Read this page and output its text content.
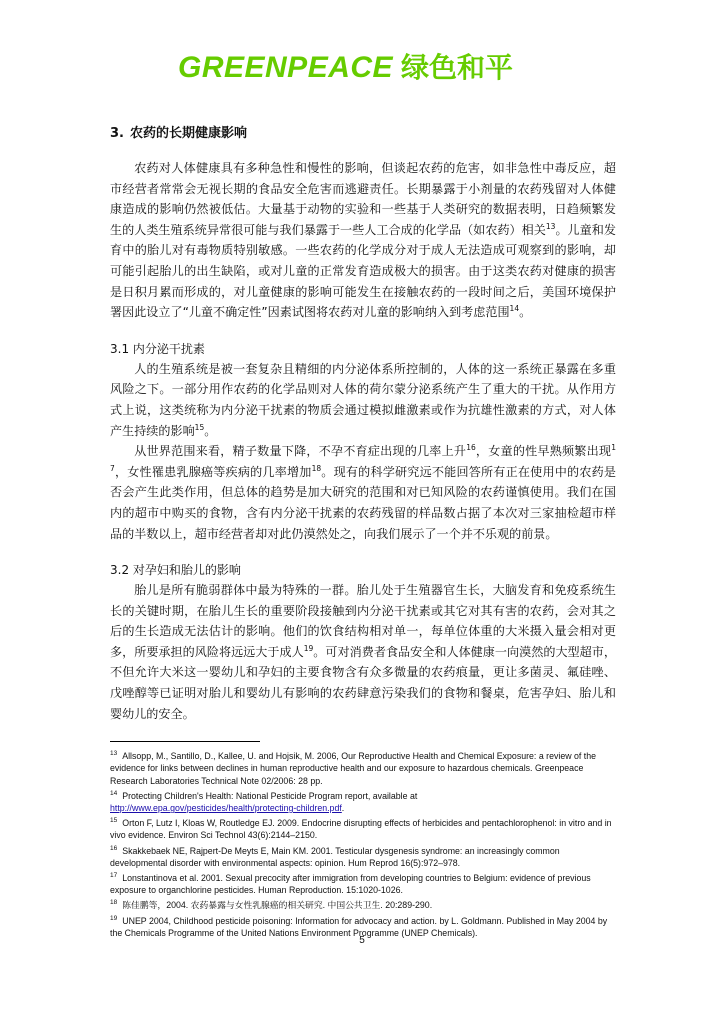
GREENPEACE 绿色和平
3. 农药的长期健康影响

农药对人体健康具有多种急性和慢性的影响，但谈起农药的危害，如非急性中毒反应，超市经营者常常会无视长期的食品安全危害而逃避责任。长期暴露于小剂量的农药残留对人体健康造成的影响仍然被低估。大量基于动物的实验和一些基于人类研究的数据表明，日趋频繁发生的人类生殖系统异常很可能与我们暴露于一些人工合成的化学品（如农药）相关$^{13}$。儿童和发育中的胎儿对有毒物质特别敏感。一些农药的化学成分对于成人无法造成可观察到的影响，却可能引起胎儿的出生缺陷，或对儿童的正常发育造成极大的损害。由于这类农药对健康的损害是日积月累而形成的，对儿童健康的影响可能发生在接触农药的一段时间之后，美国环境保护署因此设立了“儿童不确定性”因素试图将农药对儿童的影响纳入到考虑范围$^{14}$。

3.1 内分泌干扰素

人的生殖系统是被一套复杂且精细的内分泌体系所控制的，人体的这一系统正暴露在多重风险之下。一部分用作农药的化学品则对人体的荷尔蒙分泌系统产生了重大的干扰。从作用方式上说，这类统称为内分泌干扰素的物质会通过模拟雌激素或作为抗雄性激素的方式，对人体产生持续的影响$^{15}$。

从世界范围来看，精子数量下降，不孕不育症出现的几率上升$^{16}$，女童的性早熟频繁出现$^{17}$，女性罹患乳腺癌等疾病的几率增加$^{18}$。现有的科学研究远不能回答所有正在使用中的农药是否会产生此类作用，但总体的趋势是加大研究的范围和对已知风险的农药谨慎使用。我们在国内的超市中购买的食物，含有内分泌干扰素的农药残留的样品数占据了本次对三家抽检超市样品的半数以上，超市经营者却对此仍漠然处之，向我们展示了一个并不乐观的前景。

3.2 对孕妇和胎儿的影响

胎儿是所有脆弱群体中最为特殊的一群。胎儿处于生殖器官生长，大脑发育和免疫系统生长的关键时期，在胎儿生长的重要阶段接触到内分泌干扰素或其它对其有害的农药，会对其之后的生长造成无法估计的影响。他们的饮食结构相对单一，每单位体重的大米摄入量会相对更多，所要承担的风险将远远大于成人$^{19}$。可对消费者食品安全和人体健康一向漠然的大型超市，不但允许大米这一婴幼儿和孕妇的主要食物含有众多微量的农药痕量，更让多菌灵、氟硅唑、戊唑醇等已证明对胎儿和婴幼儿有影响的农药肆意污染我们的食物和餐桌，危害孕妇、胎儿和婴幼儿的安全。

$^{13}$ Allsopp, M., Santillo, D., Kallee, U. and Hojsik, M. 2006, Our Reproductive Health and Chemical Exposure: a review of the evidence for links between declines in human reproductive health and our exposure to hazardous chemicals. Greenpeace Research Laboratories Technical Note 02/2006: 28 pp.

$^{14}$ Protecting Children's Health: National Pesticide Program report, available at
http://www.epa.gov/pesticides/health/protecting-children.pdf.

$^{15}$ Orton F, Lutz I, Kloas W, Routledge EJ. 2009. Endocrine disrupting effects of herbicides and pentachlorophenol: in vitro and in vivo evidence. Environ Sci Technol 43(6):2144–2150.

$^{16}$ Skakkebaek NE, Rajpert-De Meyts E, Main KM. 2001. Testicular dysgenesis syndrome: an increasingly common developmental disorder with environmental aspects: opinion. Hum Reprod 16(5):972–978.

$^{17}$ Lonstantinova et al. 2001. Sexual precocity after immigration from developing countries to Belgium: evidence of previous exposure to organchlorine pesticides. Human Reproduction. 15:1020-1026.

$^{18}$ 陈佳鹏等，2004. 农药暴露与女性乳腺癌的相关研究. 中国公共卫生. 20:289-290.

$^{19}$ UNEP 2004, Childhood pesticide poisoning: Information for advocacy and action. by L. Goldmann. Published in May 2004 by the Chemicals Programme of the United Nations Environment Programme (UNEP Chemicals).

5
